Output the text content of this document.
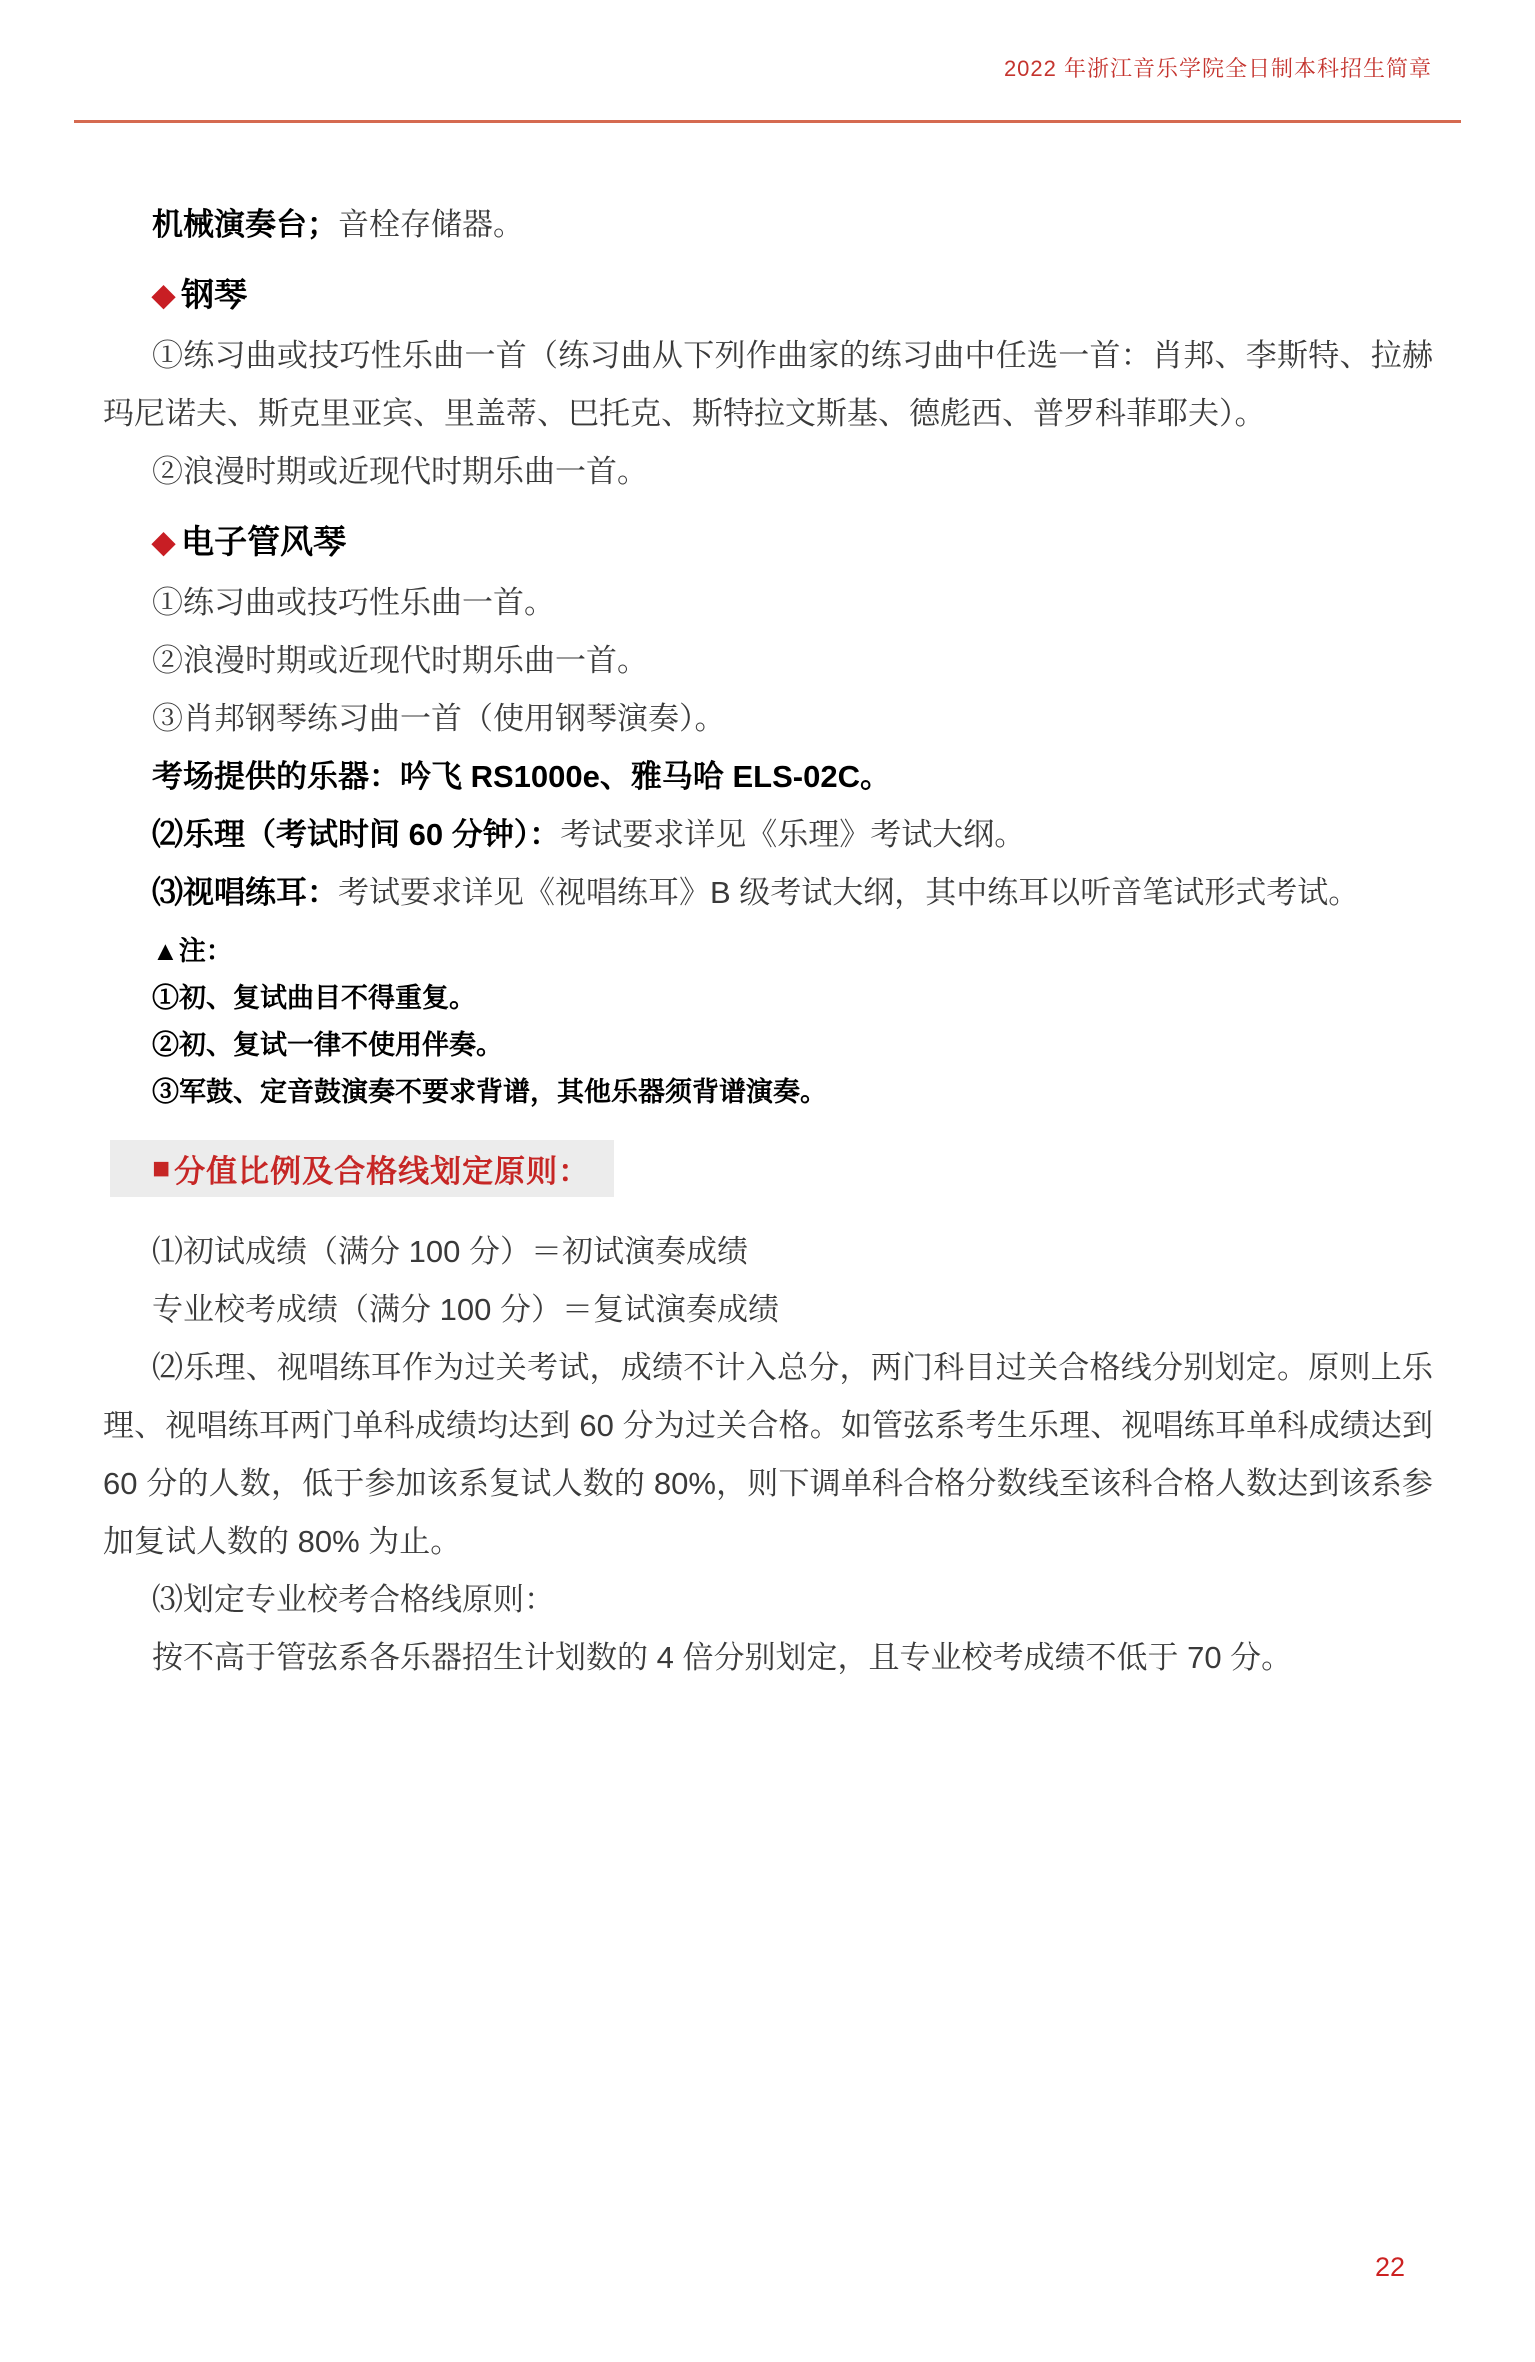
2022 年浙江音乐学院全日制本科招生简章

机械演奏台；音栓存储器。

◆ 钢琴

①练习曲或技巧性乐曲一首（练习曲从下列作曲家的练习曲中任选一首：肖邦、李斯特、拉赫玛尼诺夫、斯克里亚宾、里盖蒂、巴托克、斯特拉文斯基、德彪西、普罗科菲耶夫）。

②浪漫时期或近现代时期乐曲一首。

◆ 电子管风琴

①练习曲或技巧性乐曲一首。

②浪漫时期或近现代时期乐曲一首。

③肖邦钢琴练习曲一首（使用钢琴演奏）。

考场提供的乐器：吟飞 RS1000e、雅马哈 ELS-02C。

⑵乐理（考试时间 60 分钟）：考试要求详见《乐理》考试大纲。

⑶视唱练耳：考试要求详见《视唱练耳》B 级考试大纲，其中练耳以听音笔试形式考试。

▲注：

①初、复试曲目不得重复。

②初、复试一律不使用伴奏。

③军鼓、定音鼓演奏不要求背谱，其他乐器须背谱演奏。

■ 分值比例及合格线划定原则：

⑴初试成绩（满分 100 分）＝初试演奏成绩

专业校考成绩（满分 100 分）＝复试演奏成绩

⑵乐理、视唱练耳作为过关考试，成绩不计入总分，两门科目过关合格线分别划定。原则上乐理、视唱练耳两门单科成绩均达到 60 分为过关合格。如管弦系考生乐理、视唱练耳单科成绩达到 60 分的人数，低于参加该系复试人数的 80%，则下调单科合格分数线至该科合格人数达到该系参加复试人数的 80% 为止。

⑶划定专业校考合格线原则：

按不高于管弦系各乐器招生计划数的 4 倍分别划定，且专业校考成绩不低于 70 分。

22
